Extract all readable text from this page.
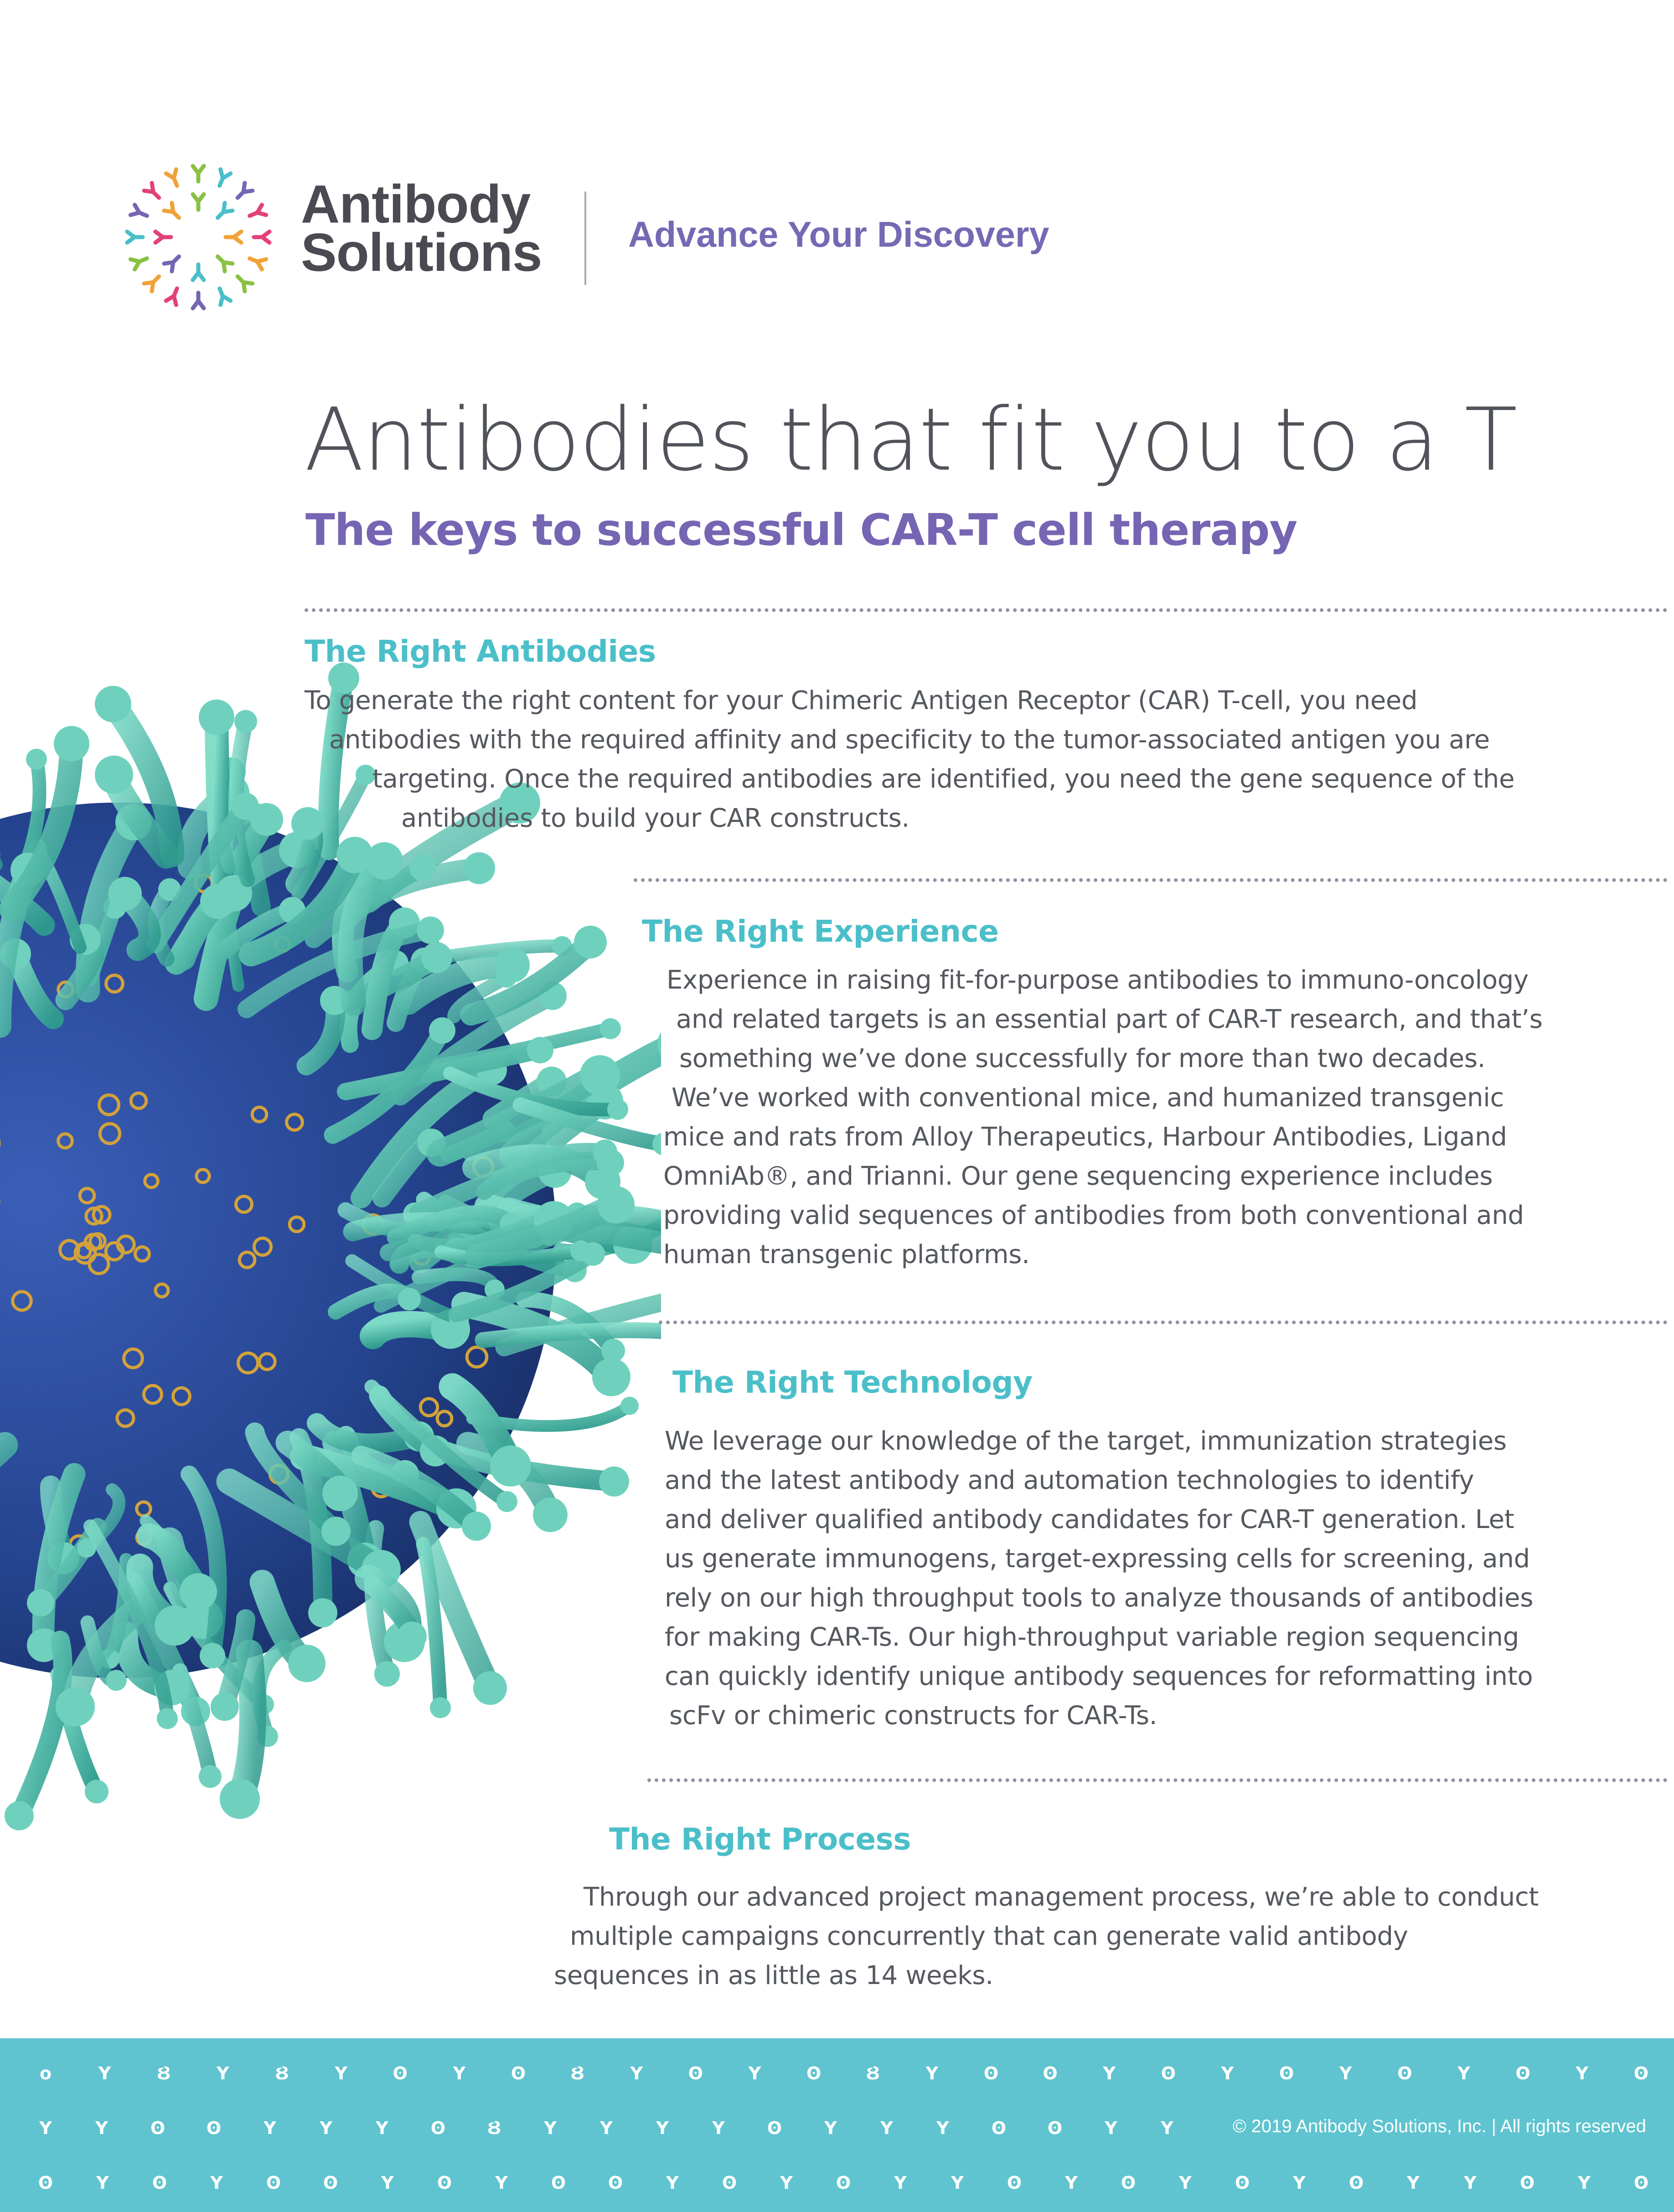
Antibody
Solutions	Advance Your Discovery
Antibodies that fit you to a T
The keys to successful CAR-T cell therapy
The Right Antibodies
To generate the right content for your Chimeric Antigen Receptor (CAR) T-cell, you need
antibodies with the required affinity and specificity to the tumor-associated antigen you are
targeting. Once the required antibodies are identified, you need the gene sequence of the
antibodies to build your CAR constructs.
The Right Experience
Experience in raising fit-for-purpose antibodies to immuno-oncology
and related targets is an essential part of CAR-T research, and that’s
something we’ve done successfully for more than two decades.
We’ve worked with conventional mice, and humanized transgenic
mice and rats from Alloy Therapeutics, Harbour Antibodies, Ligand
OmniAb®, and Trianni. Our gene sequencing experience includes
providing valid sequences of antibodies from both conventional and
human transgenic platforms.
The Right Technology
We leverage our knowledge of the target, immunization strategies
and the latest antibody and automation technologies to identify
and deliver qualified antibody candidates for CAR-T generation. Let
us generate immunogens, target-expressing cells for screening, and
rely on our high throughput tools to analyze thousands of antibodies
for making CAR-Ts. Our high-throughput variable region sequencing
can quickly identify unique antibody sequences for reformatting into
scFv or chimeric constructs for CAR-Ts.
The Right Process
Through our advanced project management process, we’re able to conduct
multiple campaigns concurrently that can generate valid antibody
sequences in as little as 14 weeks.
o	Y	Ȣ	Y	Ȣ	Y	ʘ	Y	ʘ	Ȣ	Y	ʘ	Y	ʘ	Ȣ	Y	ʘ	ʘ	Y	ʘ	Y	ʘ	Y	ʘ	Y	ʘ	Y	ʘ
Y	Y	ʘ	ʘ	Y	Y	Y	ʘ	Ȣ	Y	Y	Y	Y	ʘ	Y	Y	Y	ʘ	ʘ	Y	Y
ʘ	Y	ʘ	Y	ʘ	ʘ	Y	ʘ	Y	ʘ	ʘ	Y	ʘ	Y	ʘ	Y	Y	ʘ	Y	ʘ	Y	ʘ	Y	ʘ	Y	Y	ʘ	Y	ʘ
© 2019 Antibody Solutions, Inc. | All rights reserved
